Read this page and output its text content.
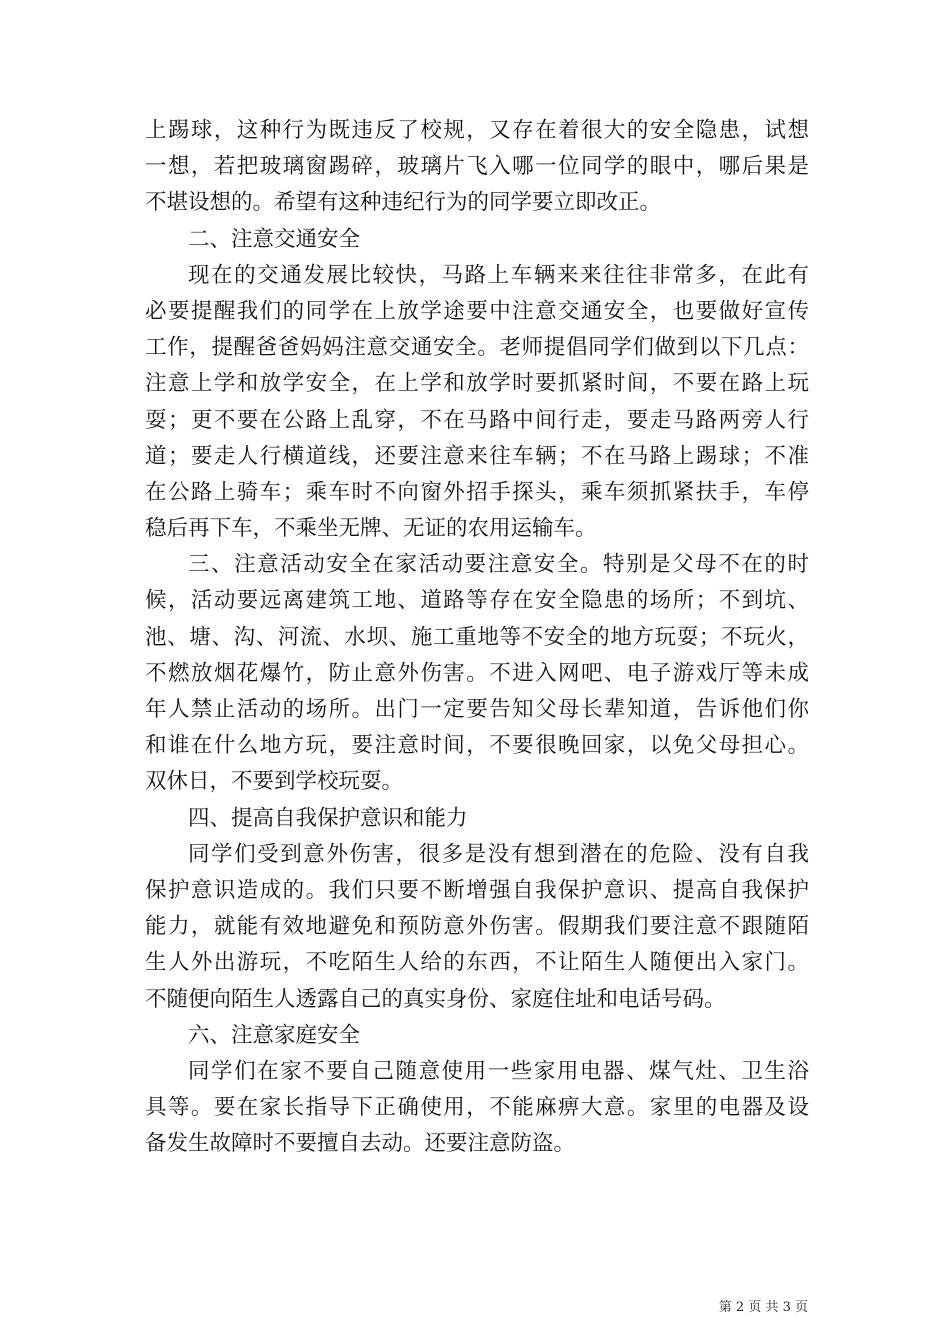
上踢球，这种行为既违反了校规，又存在着很大的安全隐患，试想
一想，若把玻璃窗踢碎，玻璃片飞入哪一位同学的眼中，哪后果是
不堪设想的。希望有这种违纪行为的同学要立即改正。
二、注意交通安全
现在的交通发展比较快，马路上车辆来来往往非常多，在此有
必要提醒我们的同学在上放学途要中注意交通安全，也要做好宣传
工作，提醒爸爸妈妈注意交通安全。老师提倡同学们做到以下几点：
注意上学和放学安全，在上学和放学时要抓紧时间，不要在路上玩
耍；更不要在公路上乱穿，不在马路中间行走，要走马路两旁人行
道；要走人行横道线，还要注意来往车辆；不在马路上踢球；不准
在公路上骑车；乘车时不向窗外招手探头，乘车须抓紧扶手，车停
稳后再下车，不乘坐无牌、无证的农用运输车。
三、注意活动安全在家活动要注意安全。特别是父母不在的时
候，活动要远离建筑工地、道路等存在安全隐患的场所；不到坑、
池、塘、沟、河流、水坝、施工重地等不安全的地方玩耍；不玩火，
不燃放烟花爆竹，防止意外伤害。不进入网吧、电子游戏厅等未成
年人禁止活动的场所。出门一定要告知父母长辈知道，告诉他们你
和谁在什么地方玩，要注意时间，不要很晚回家，以免父母担心。
双休日，不要到学校玩耍。
四、提高自我保护意识和能力
同学们受到意外伤害，很多是没有想到潜在的危险、没有自我
保护意识造成的。我们只要不断增强自我保护意识、提高自我保护
能力，就能有效地避免和预防意外伤害。假期我们要注意不跟随陌
生人外出游玩，不吃陌生人给的东西，不让陌生人随便出入家门。
不随便向陌生人透露自己的真实身份、家庭住址和电话号码。
六、注意家庭安全
同学们在家不要自己随意使用一些家用电器、煤气灶、卫生浴
具等。要在家长指导下正确使用，不能麻痹大意。家里的电器及设
备发生故障时不要擅自去动。还要注意防盗。
第 2 页 共 3 页
